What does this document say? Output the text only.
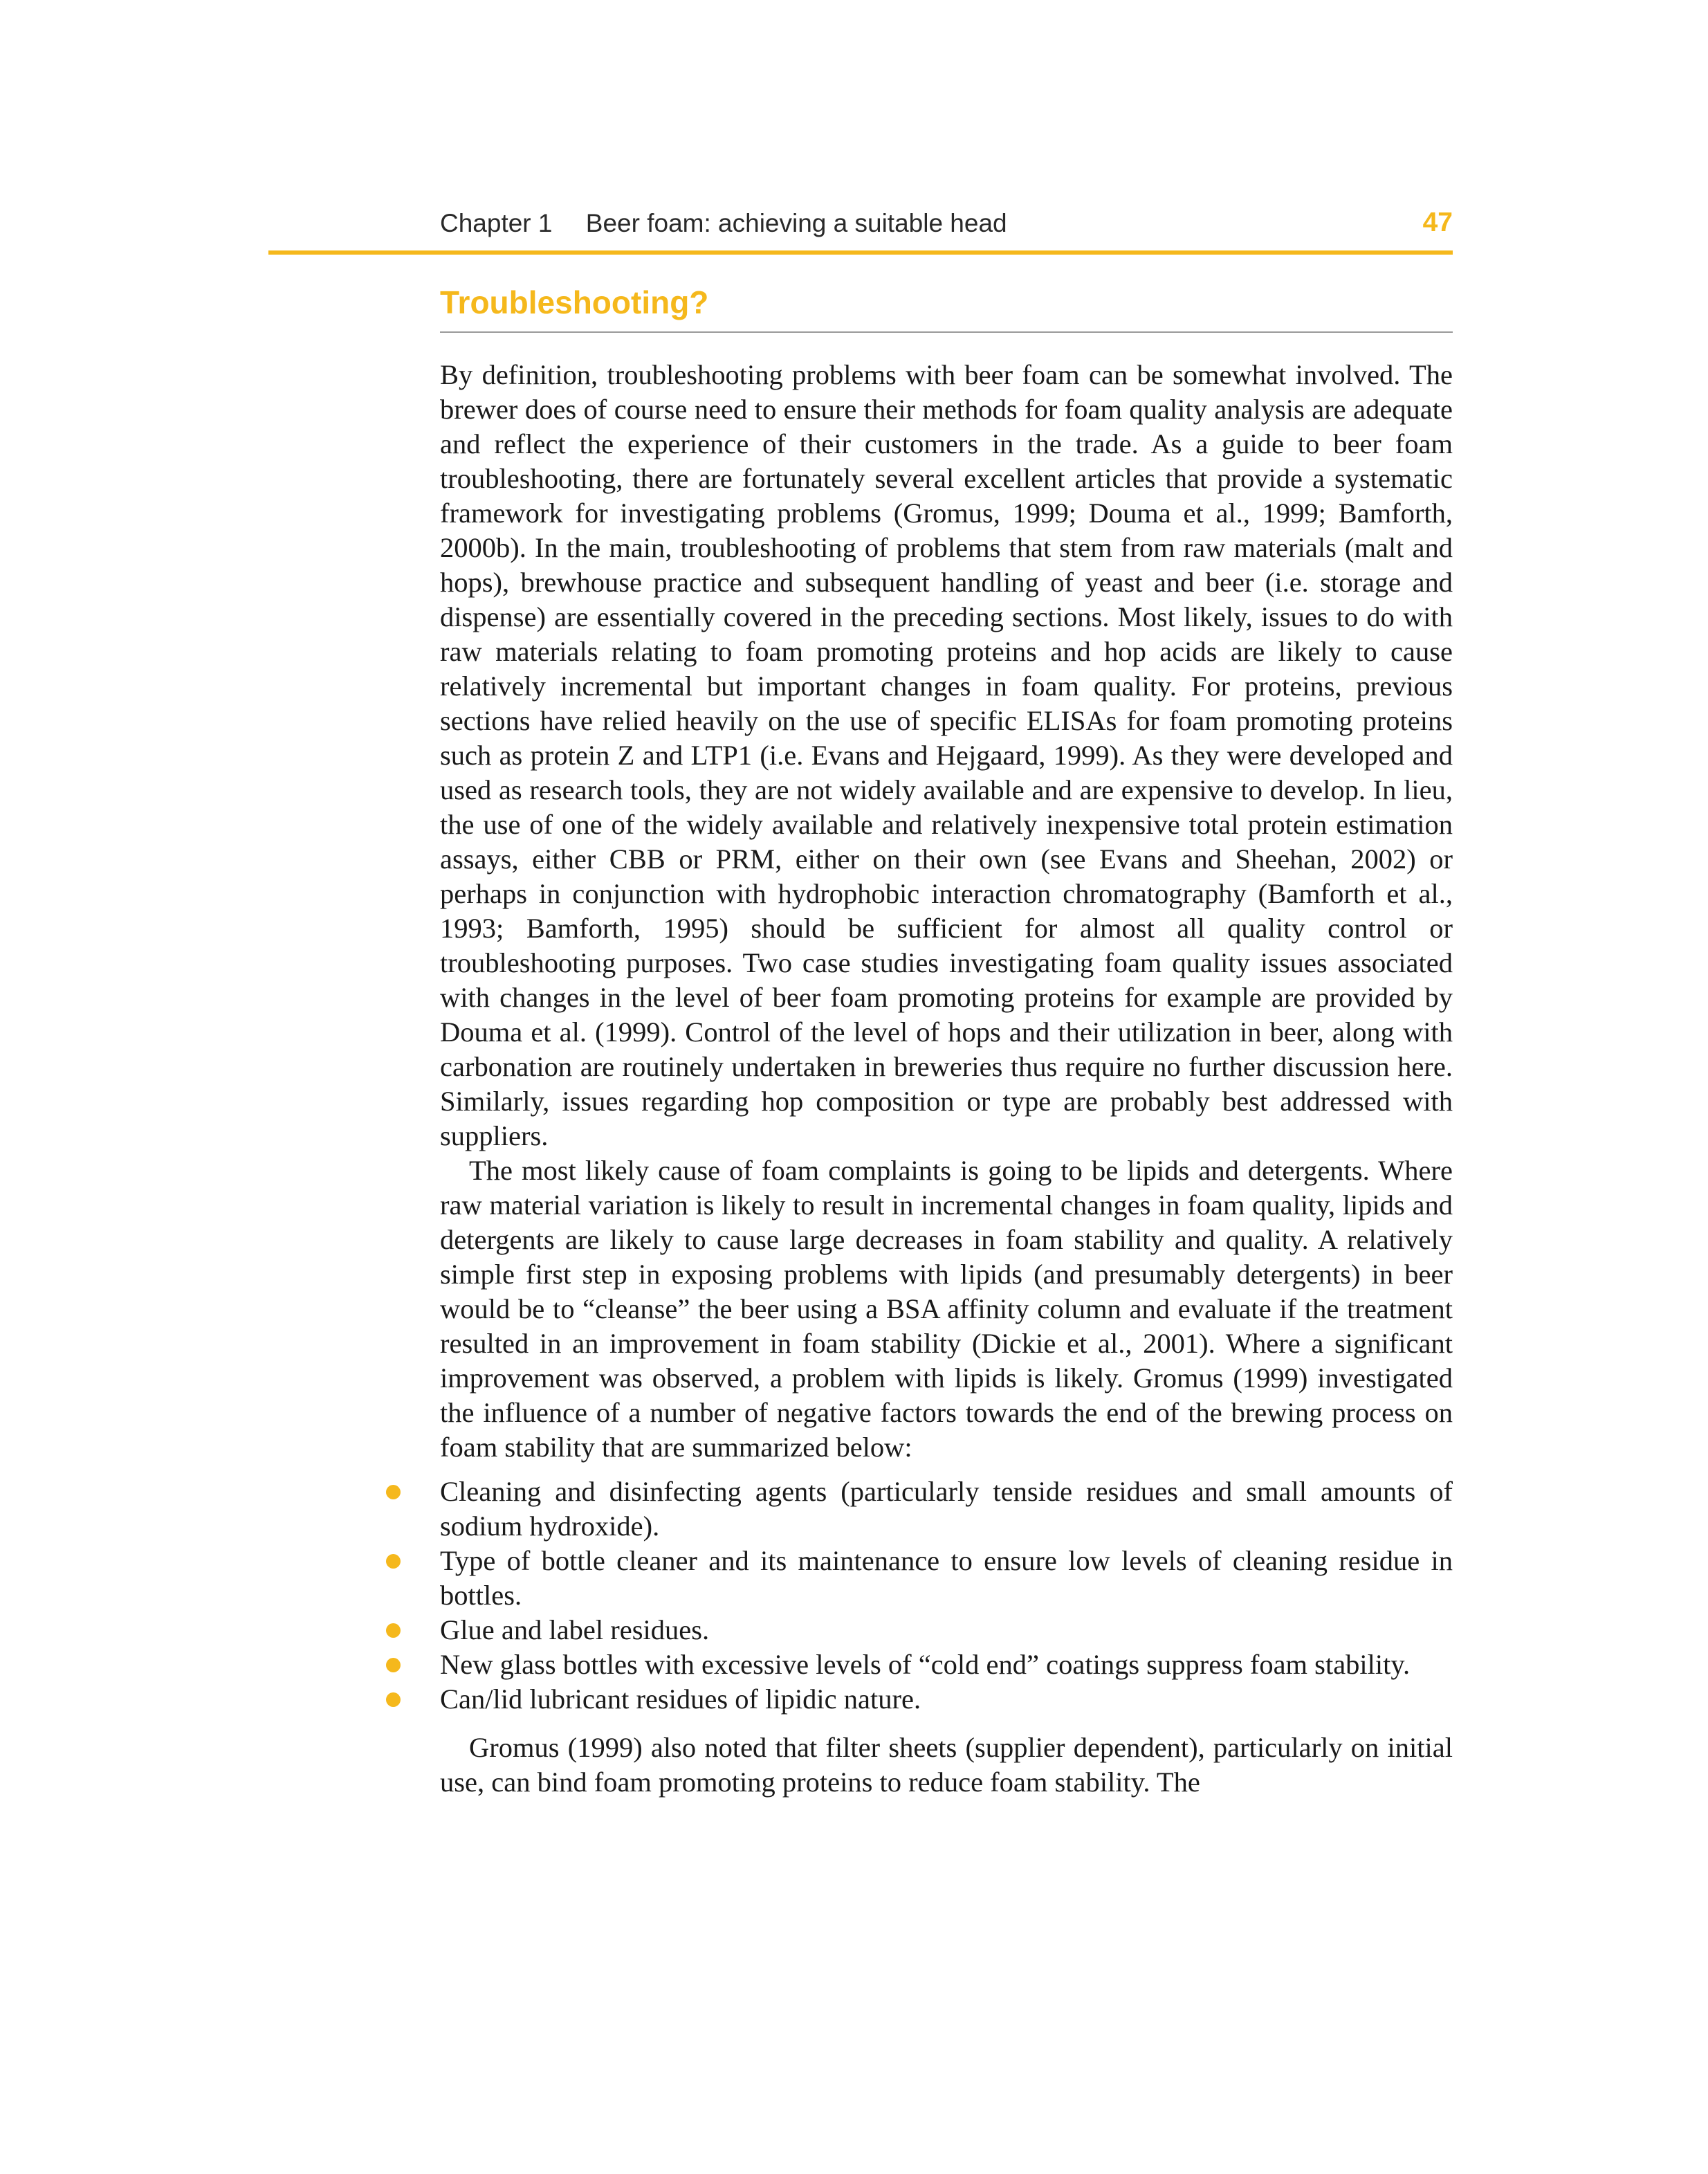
Chapter 1 Beer foam: achieving a suitable head	47
Troubleshooting?

By definition, troubleshooting problems with beer foam can be somewhat involved. The brewer does of course need to ensure their methods for foam quality analysis are adequate and reflect the experience of their customers in the trade. As a guide to beer foam troubleshooting, there are fortunately several excellent articles that provide a systematic framework for investigating problems (Gromus, 1999; Douma et al., 1999; Bamforth, 2000b). In the main, troubleshooting of problems that stem from raw materials (malt and hops), brewhouse practice and subsequent handling of yeast and beer (i.e. storage and dispense) are essentially covered in the preceding sections. Most likely, issues to do with raw materials relating to foam promoting proteins and hop acids are likely to cause relatively incremental but important changes in foam quality. For proteins, previous sections have relied heavily on the use of specific ELISAs for foam promoting proteins such as protein Z and LTP1 (i.e. Evans and Hejgaard, 1999). As they were developed and used as research tools, they are not widely available and are expensive to develop. In lieu, the use of one of the widely available and relatively inexpensive total protein estimation assays, either CBB or PRM, either on their own (see Evans and Sheehan, 2002) or perhaps in conjunction with hydrophobic interaction chromatography (Bamforth et al., 1993; Bamforth, 1995) should be sufficient for almost all quality control or troubleshooting purposes. Two case studies investigating foam quality issues associated with changes in the level of beer foam promoting proteins for example are provided by Douma et al. (1999). Control of the level of hops and their utilization in beer, along with carbonation are routinely undertaken in breweries thus require no further discussion here. Similarly, issues regarding hop composition or type are probably best addressed with suppliers.

The most likely cause of foam complaints is going to be lipids and detergents. Where raw material variation is likely to result in incremental changes in foam quality, lipids and detergents are likely to cause large decreases in foam stability and quality. A relatively simple first step in exposing problems with lipids (and presumably detergents) in beer would be to “cleanse” the beer using a BSA affinity column and evaluate if the treatment resulted in an improvement in foam stability (Dickie et al., 2001). Where a significant improvement was observed, a problem with lipids is likely. Gromus (1999) investigated the influence of a number of negative factors towards the end of the brewing process on foam stability that are summarized below:

Cleaning and disinfecting agents (particularly tenside residues and small amounts of sodium hydroxide).
Type of bottle cleaner and its maintenance to ensure low levels of cleaning residue in bottles.
Glue and label residues.
New glass bottles with excessive levels of “cold end” coatings suppress foam stability.
Can/lid lubricant residues of lipidic nature.

Gromus (1999) also noted that filter sheets (supplier dependent), particularly on initial use, can bind foam promoting proteins to reduce foam stability. The
